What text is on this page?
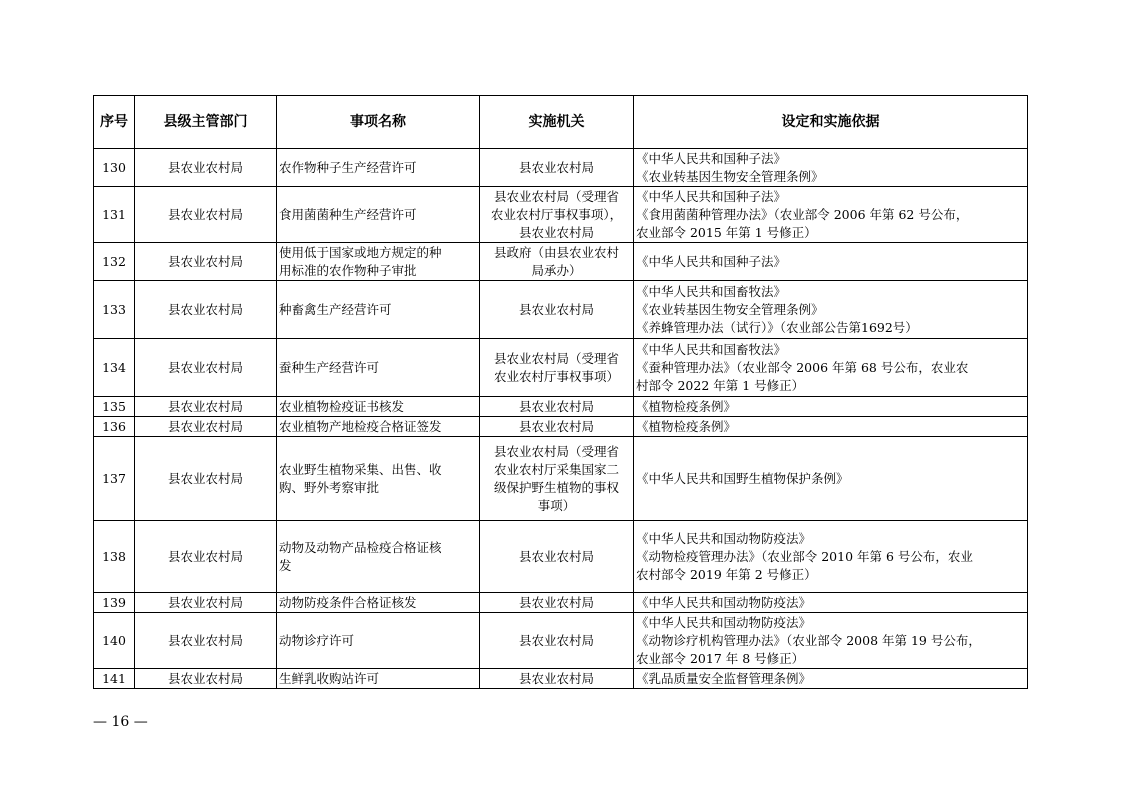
序号	县级主管部门	事项名称	实施机关	设定和实施依据
130	县农业农村局	农作物种子生产经营许可	县农业农村局	《中华人民共和国种子法》
《农业转基因生物安全管理条例》

131	县农业农村局	食用菌菌种生产经营许可	县农业农村局（受理省
农业农村厅事权事项），
县农业农村局	《中华人民共和国种子法》
《食用菌菌种管理办法》（农业部令 2006 年第 62 号公布，
农业部令 2015 年第 1 号修正）

132	县农业农村局	使用低于国家或地方规定的种
用标准的农作物种子审批	县政府（由县农业农村
局承办）	《中华人民共和国种子法》

133	县农业农村局	种畜禽生产经营许可	县农业农村局	《中华人民共和国畜牧法》
《农业转基因生物安全管理条例》
《养蜂管理办法（试行）》（农业部公告第1692号）

134	县农业农村局	蚕种生产经营许可	县农业农村局（受理省
农业农村厅事权事项）	《中华人民共和国畜牧法》
《蚕种管理办法》（农业部令 2006 年第 68 号公布，农业农
村部令 2022 年第 1 号修正）

135	县农业农村局	农业植物检疫证书核发	县农业农村局	《植物检疫条例》

136	县农业农村局	农业植物产地检疫合格证签发	县农业农村局	《植物检疫条例》

137	县农业农村局	农业野生植物采集、出售、收
购、野外考察审批	县农业农村局（受理省
农业农村厅采集国家二
级保护野生植物的事权
事项）	《中华人民共和国野生植物保护条例》

138	县农业农村局	动物及动物产品检疫合格证核
发	县农业农村局	《中华人民共和国动物防疫法》
《动物检疫管理办法》（农业部令 2010 年第 6 号公布，农业
农村部令 2019 年第 2 号修正）

139	县农业农村局	动物防疫条件合格证核发	县农业农村局	《中华人民共和国动物防疫法》

140	县农业农村局	动物诊疗许可	县农业农村局	《中华人民共和国动物防疫法》
《动物诊疗机构管理办法》（农业部令 2008 年第 19 号公布，
农业部令 2017 年 8 号修正）

141	县农业农村局	生鲜乳收购站许可	县农业农村局	《乳品质量安全监督管理条例》
— 16 —
